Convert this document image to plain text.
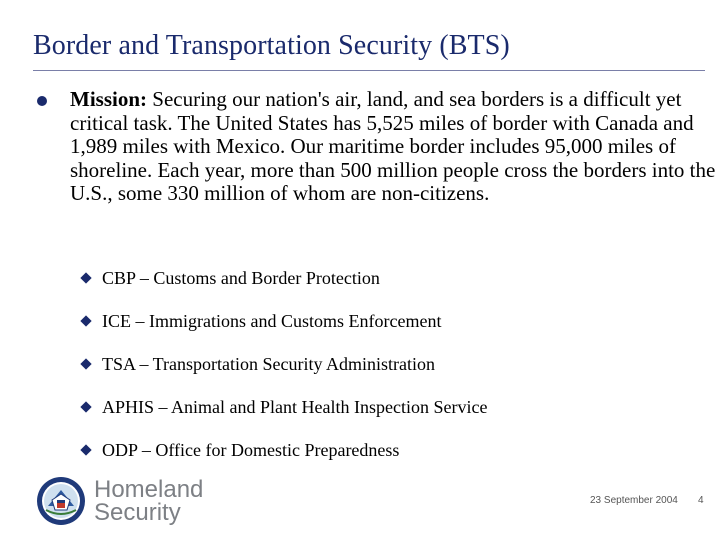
Border and Transportation Security (BTS)
Mission: Securing our nation's air, land, and sea borders is a difficult yet critical task. The United States has 5,525 miles of border with Canada and 1,989 miles with Mexico. Our maritime border includes 95,000 miles of shoreline. Each year, more than 500 million people cross the borders into the U.S., some 330 million of whom are non-citizens.
CBP – Customs and Border Protection
ICE – Immigrations and Customs Enforcement
TSA – Transportation Security Administration
APHIS – Animal and Plant Health Inspection Service
ODP – Office for Domestic Preparedness
Homeland
Security	23 September 2004 4
